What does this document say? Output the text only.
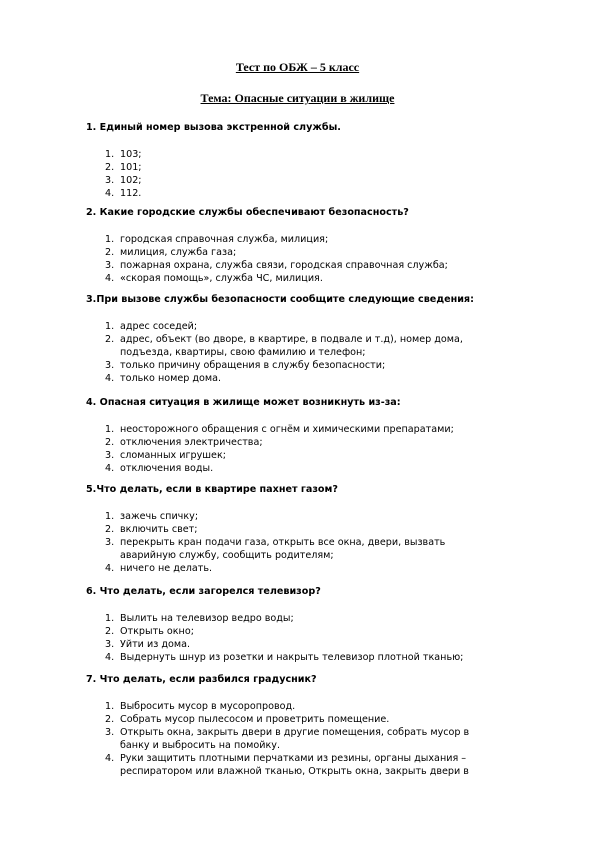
Тест по ОБЖ – 5 класс
Тема: Опасные ситуации в жилище
1. Единый номер вызова экстренной службы.
1. 103;
2. 101;
3. 102;
4. 112.
2. Какие городские службы обеспечивают безопасность?
1. городская справочная служба, милиция;
2. милиция, служба газа;
3. пожарная охрана, служба связи, городская справочная служба;
4. «скорая помощь», служба ЧС, милиция.
3.При вызове службы безопасности сообщите следующие сведения:
1. адрес соседей;
2. адрес, объект (во дворе, в квартире, в подвале и т.д), номер дома,
подъезда, квартиры, свою фамилию и телефон;
3. только причину обращения в службу безопасности;
4. только номер дома.
4. Опасная ситуация в жилище может возникнуть из-за:
1. неосторожного обращения с огнём и химическими препаратами;
2. отключения электричества;
3. сломанных игрушек;
4. отключения воды.
5.Что делать, если в квартире пахнет газом?
1. зажечь спичку;
2. включить свет;
3. перекрыть кран подачи газа, открыть все окна, двери, вызвать
аварийную службу, сообщить родителям;
4. ничего не делать.
6. Что делать, если загорелся телевизор?
1. Вылить на телевизор ведро воды;
2. Открыть окно;
3. Уйти из дома.
4. Выдернуть шнур из розетки и накрыть телевизор плотной тканью;
7. Что делать, если разбился градусник?
1. Выбросить мусор в мусоропровод.
2. Собрать мусор пылесосом и проветрить помещение.
3. Открыть окна, закрыть двери в другие помещения, собрать мусор в
банку и выбросить на помойку.
4. Руки защитить плотными перчатками из резины, органы дыхания –
респиратором или влажной тканью, Открыть окна, закрыть двери в
